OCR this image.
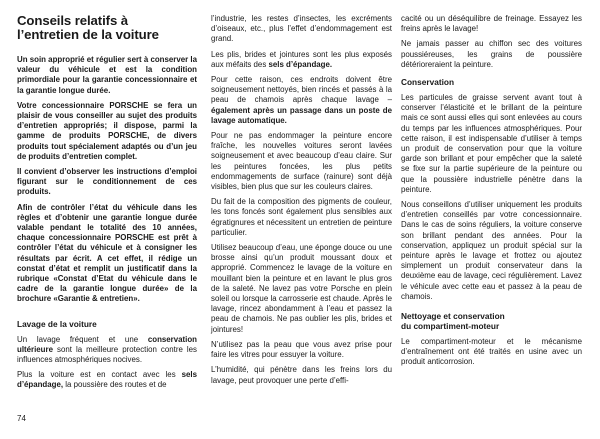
Conseils relatifs à
l’entretien de la voiture

Un soin approprié et régulier sert à conserver la valeur du véhicule et est la condition primordiale pour la garantie concessionnaire et la garantie longue durée.

Votre concessionnaire PORSCHE se fera un plaisir de vous conseiller au sujet des produits d’entretien appropriés; il dispose, parmi la gamme de produits PORSCHE, de divers produits tout spécialement adaptés ou d’un jeu de produits d’entretien complet.

Il convient d’observer les instructions d’emploi figurant sur le conditionnement de ces produits.

Afin de contrôler l’état du véhicule dans les règles et d’obtenir une garantie longue durée valable pendant le totalité des 10 années, chaque concessionnaire PORSCHE est prêt à contrôler l’état du véhicule et à consigner les résultats par écrit. A cet effet, il rédige un constat d’état et remplit un justificatif dans la rubrique «Constat d’Etat du véhicule dans le cadre de la garantie longue durée» de la brochure «Garantie & entretien».

Lavage de la voiture

Un lavage fréquent et une conservation ultérieure sont la meilleure protection contre les influences atmosphériques nocives.

Plus la voiture est en contact avec les sels d’épandage, la poussière des routes et de

l’industrie, les restes d’insectes, les excréments d’oiseaux, etc., plus l’effet d’endommagement est grand.

Les plis, brides et jointures sont les plus exposés aux méfaits des sels d’épandage.

Pour cette raison, ces endroits doivent être soigneusement nettoyés, bien rincés et passés à la peau de chamois après chaque lavage – également après un passage dans un poste de lavage automatique.

Pour ne pas endommager la peinture encore fraîche, les nouvelles voitures seront lavées soigneusement et avec beaucoup d’eau claire. Sur les peintures foncées, les plus petits endommagements de surface (rainure) sont déjà visibles, bien plus que sur les couleurs claires.

Du fait de la composition des pigments de couleur, les tons foncés sont également plus sensibles aux égratignures et nécessitent un entretien de peinture particulier.

Utilisez beaucoup d’eau, une éponge douce ou une brosse ainsi qu’un produit moussant doux et approprié. Commencez le lavage de la voiture en mouillant bien la peinture et en lavant le plus gros de la saleté. Ne lavez pas votre Porsche en plein soleil ou lorsque la carrosserie est chaude. Après le lavage, rincez abondamment à l’eau et passez la peau de chamois. Ne pas oublier les plis, brides et jointures!

N’utilisez pas la peau que vous avez prise pour faire les vitres pour essuyer la voiture.

L’humidité, qui pénètre dans les freins lors du lavage, peut provoquer une perte d’effi-

cacité ou un déséquilibre de freinage. Essayez les freins après le lavage!

Ne jamais passer au chiffon sec des voitures poussiéreuses, les grains de poussière détérioreraient la peinture.

Conservation

Les particules de graisse servent avant tout à conserver l’élasticité et le brillant de la peinture mais ce sont aussi elles qui sont enlevées au cours du temps par les influences atmosphériques. Pour cette raison, il est indispensable d’utiliser à temps un produit de conservation pour que la voiture garde son brillant et pour empêcher que la saleté se fixe sur la partie supérieure de la peinture ou que la poussière industrielle pénètre dans la peinture.

Nous conseillons d’utiliser uniquement les produits d’entretien conseillés par votre concessionnaire. Dans le cas de soins réguliers, la voiture conserve son brillant pendant des années. Pour la conservation, appliquez un produit spécial sur la peinture après le lavage et frottez ou ajoutez simplement un produit conservateur dans la deuxième eau de lavage, ceci régulièrement. Lavez le véhicule avec cette eau et passez à la peau de chamois.

Nettoyage et conservation
du compartiment-moteur

Le compartiment-moteur et le mécanisme d’entraînement ont été traités en usine avec un produit anticorrosion.

74
